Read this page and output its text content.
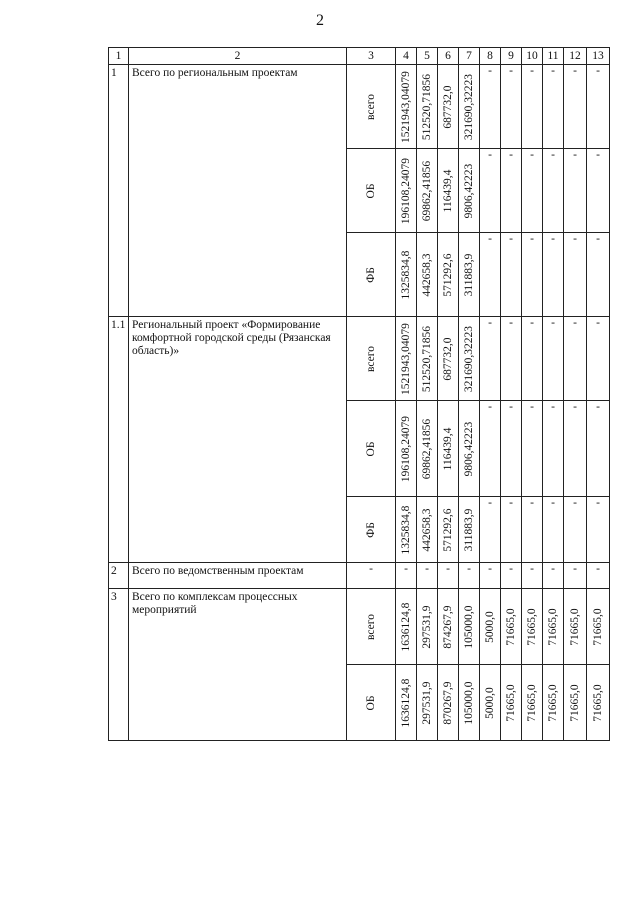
2
1	2	3	4	5	6	7	8	9	10	11	12	13
1	Всего по региональным проектам	всего	1521943,04079	512520,71856	687732,0	321690,32223	-	-	-	-	-	-

		ОБ	196108,24079	69862,41856	116439,4	9806,42223	-	-	-	-	-	-

		ФБ	1325834,8	442658,3	571292,6	311883,9	-	-	-	-	-	-
1.1	Региональный проект «Формирование комфортной городской среды (Рязанская область)»	всего	1521943,04079	512520,71856	687732,0	321690,32223	-	-	-	-	-	-

		ОБ	196108,24079	69862,41856	116439,4	9806,42223	-	-	-	-	-	-

		ФБ	1325834,8	442658,3	571292,6	311883,9	-	-	-	-	-	-
2	Всего по ведомственным проектам	-	-	-	-	-	-	-	-	-	-	-
3	Всего по комплексам процессных мероприятий	всего	1636124,8	297531,9	874267,9	105000,0	5000,0	71665,0	71665,0	71665,0	71665,0	71665,0

		ОБ	1636124,8	297531,9	870267,9	105000,0	5000,0	71665,0	71665,0	71665,0	71665,0	71665,0
